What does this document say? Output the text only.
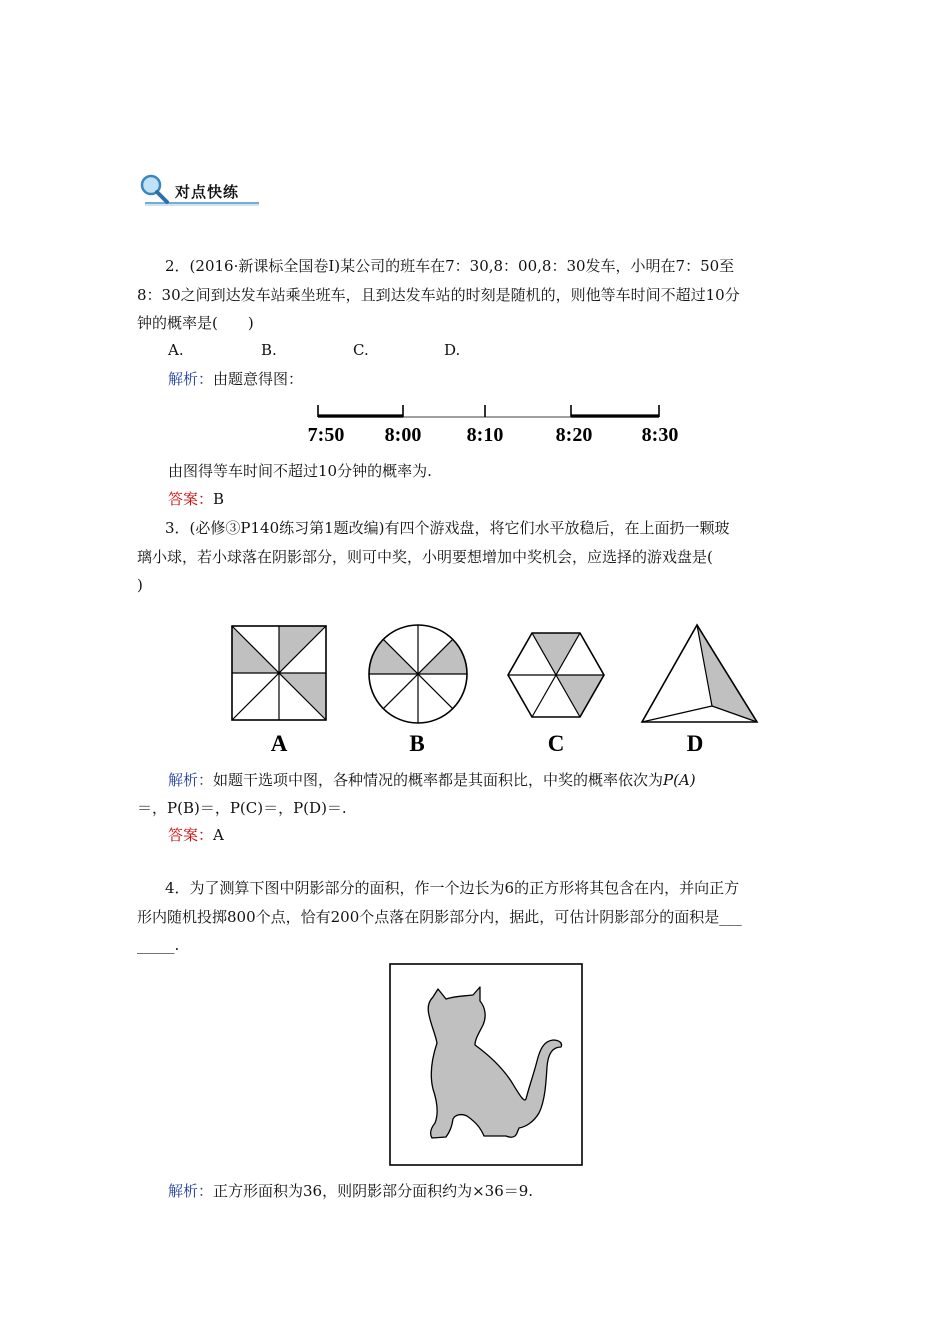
对点快练
2．(2016·新课标全国卷Ⅰ)某公司的班车在7：30,8：00,8：30发车，小明在7：50至
8：30之间到达发车站乘坐班车，且到达发车站的时刻是随机的，则他等车时间不超过10分
钟的概率是(　　)
A.	B.	C.	D.
解析：由题意得图：
7:50 8:00 8:10	8:20 8:30
由图得等车时间不超过10分钟的概率为.
答案：B
3．(必修③P140练习第1题改编)有四个游戏盘，将它们水平放稳后，在上面扔一颗玻
璃小球，若小球落在阴影部分，则可中奖，小明要想增加中奖机会，应选择的游戏盘是(
)
A	B	C	D
解析：如题干选项中图，各种情况的概率都是其面积比，中奖的概率依次为P(A)
＝，P(B)＝，P(C)＝，P(D)＝.
答案：A
4．为了测算下图中阴影部分的面积，作一个边长为6的正方形将其包含在内，并向正方
形内随机投掷800个点，恰有200个点落在阴影部分内，据此，可估计阴影部分的面积是___
_____.
解析：正方形面积为36，则阴影部分面积约为×36＝9.
